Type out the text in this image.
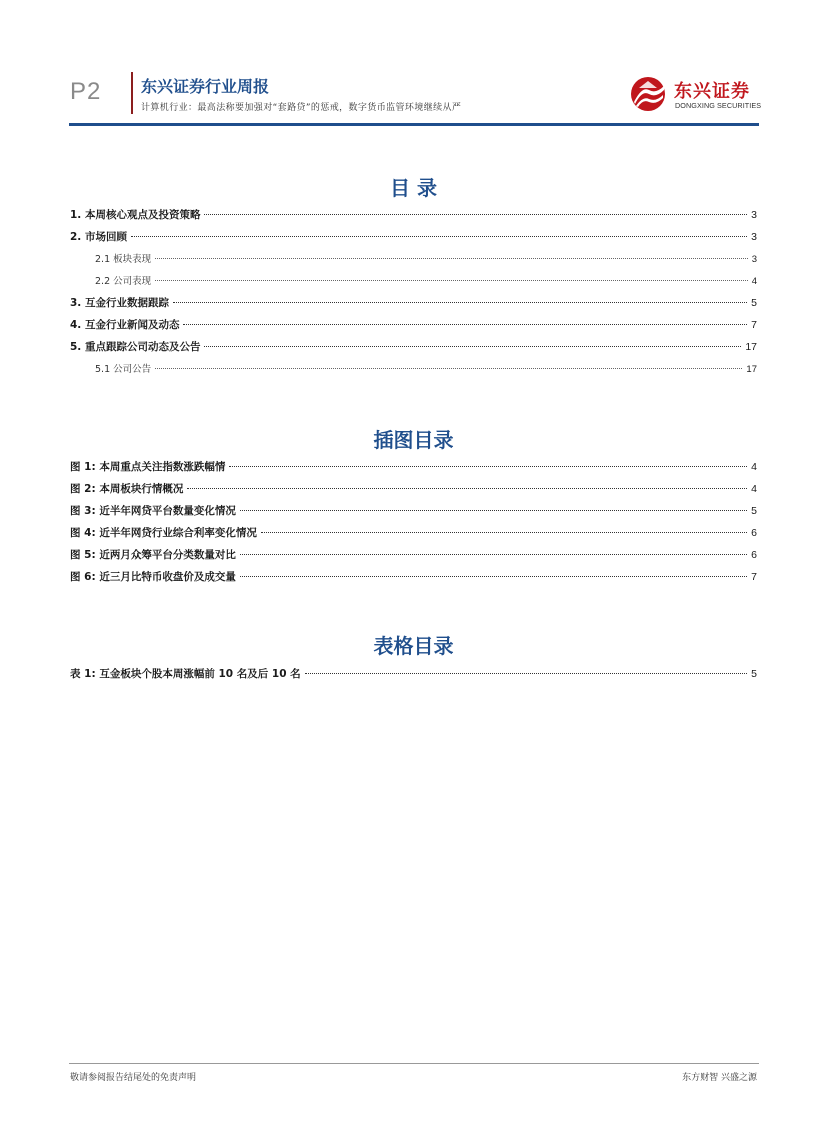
P2 东兴证券行业周报
计算机行业：最高法称要加强对“套路贷”的惩戒，数字货币监管环境继续从严
东兴证券
DONGXING SECURITIES
目 录
1. 本周核心观点及投资策略	3
2. 市场回顾	3
2.1 板块表现	3
2.2 公司表现	4
3. 互金行业数据跟踪	5
4. 互金行业新闻及动态	7
5. 重点跟踪公司动态及公告	17
5.1 公司公告	17
插图目录
图 1: 本周重点关注指数涨跌幅情	4
图 2: 本周板块行情概况	4
图 3: 近半年网贷平台数量变化情况	5
图 4: 近半年网贷行业综合利率变化情况	6
图 5: 近两月众筹平台分类数量对比	6
图 6: 近三月比特币收盘价及成交量	7
表格目录
表 1: 互金板块个股本周涨幅前 10 名及后 10 名	5
敬请参阅报告结尾处的免责声明	东方财智 兴盛之源
